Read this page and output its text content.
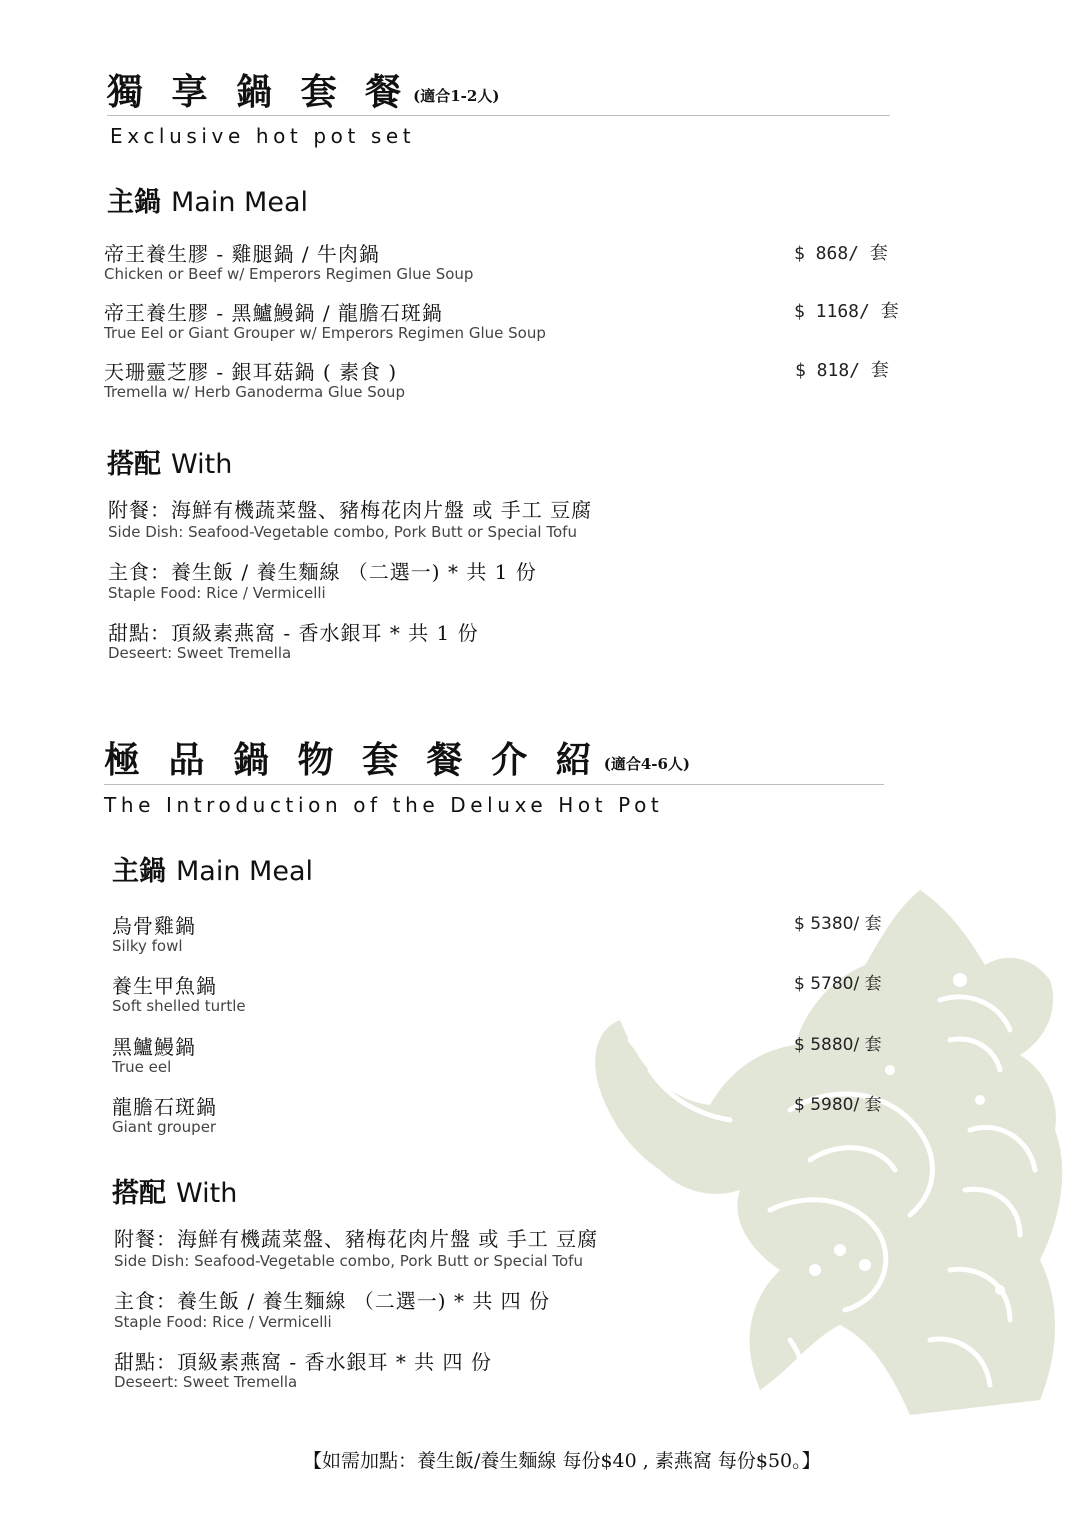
獨 享 鍋 套 餐 (適合1-2人)
Exclusive hot pot set
主鍋 Main Meal
帝王養生膠 - 雞腿鍋 / 牛肉鍋
Chicken or Beef w/ Emperors Regimen Glue Soup
$ 868/ 套
帝王養生膠 - 黑鱸鰻鍋 / 龍膽石斑鍋
True Eel or Giant Grouper w/ Emperors Regimen Glue Soup
$ 1168/ 套
天珊靈芝膠 - 銀耳菇鍋 ( 素食 )
Tremella w/ Herb Ganoderma Glue Soup
$ 818/ 套
搭配 With
附餐：海鮮有機蔬菜盤、豬梅花肉片盤 或 手工 豆腐
Side Dish: Seafood-Vegetable combo, Pork Butt or Special Tofu
主食：養生飯 / 養生麵線 （二選一) * 共 1 份
Staple Food: Rice / Vermicelli
甜點：頂級素燕窩 - 香水銀耳 * 共 1 份
Deseert: Sweet Tremella
極 品 鍋 物 套 餐 介 紹 (適合4-6人)
The Introduction of the Deluxe Hot Pot
主鍋 Main Meal
烏骨雞鍋
Silky fowl
$ 5380/ 套
養生甲魚鍋
Soft shelled turtle
$ 5780/ 套
黑鱸鰻鍋
True eel
$ 5880/ 套
龍膽石斑鍋
Giant grouper
$ 5980/ 套
搭配 With
附餐：海鮮有機蔬菜盤、豬梅花肉片盤 或 手工 豆腐
Side Dish: Seafood-Vegetable combo, Pork Butt or Special Tofu
主食：養生飯 / 養生麵線 （二選一) * 共 四 份
Staple Food: Rice / Vermicelli
甜點：頂級素燕窩 - 香水銀耳 * 共 四 份
Deseert: Sweet Tremella
【如需加點：養生飯/養生麵線 每份$40 , 素燕窩 每份$50。】
